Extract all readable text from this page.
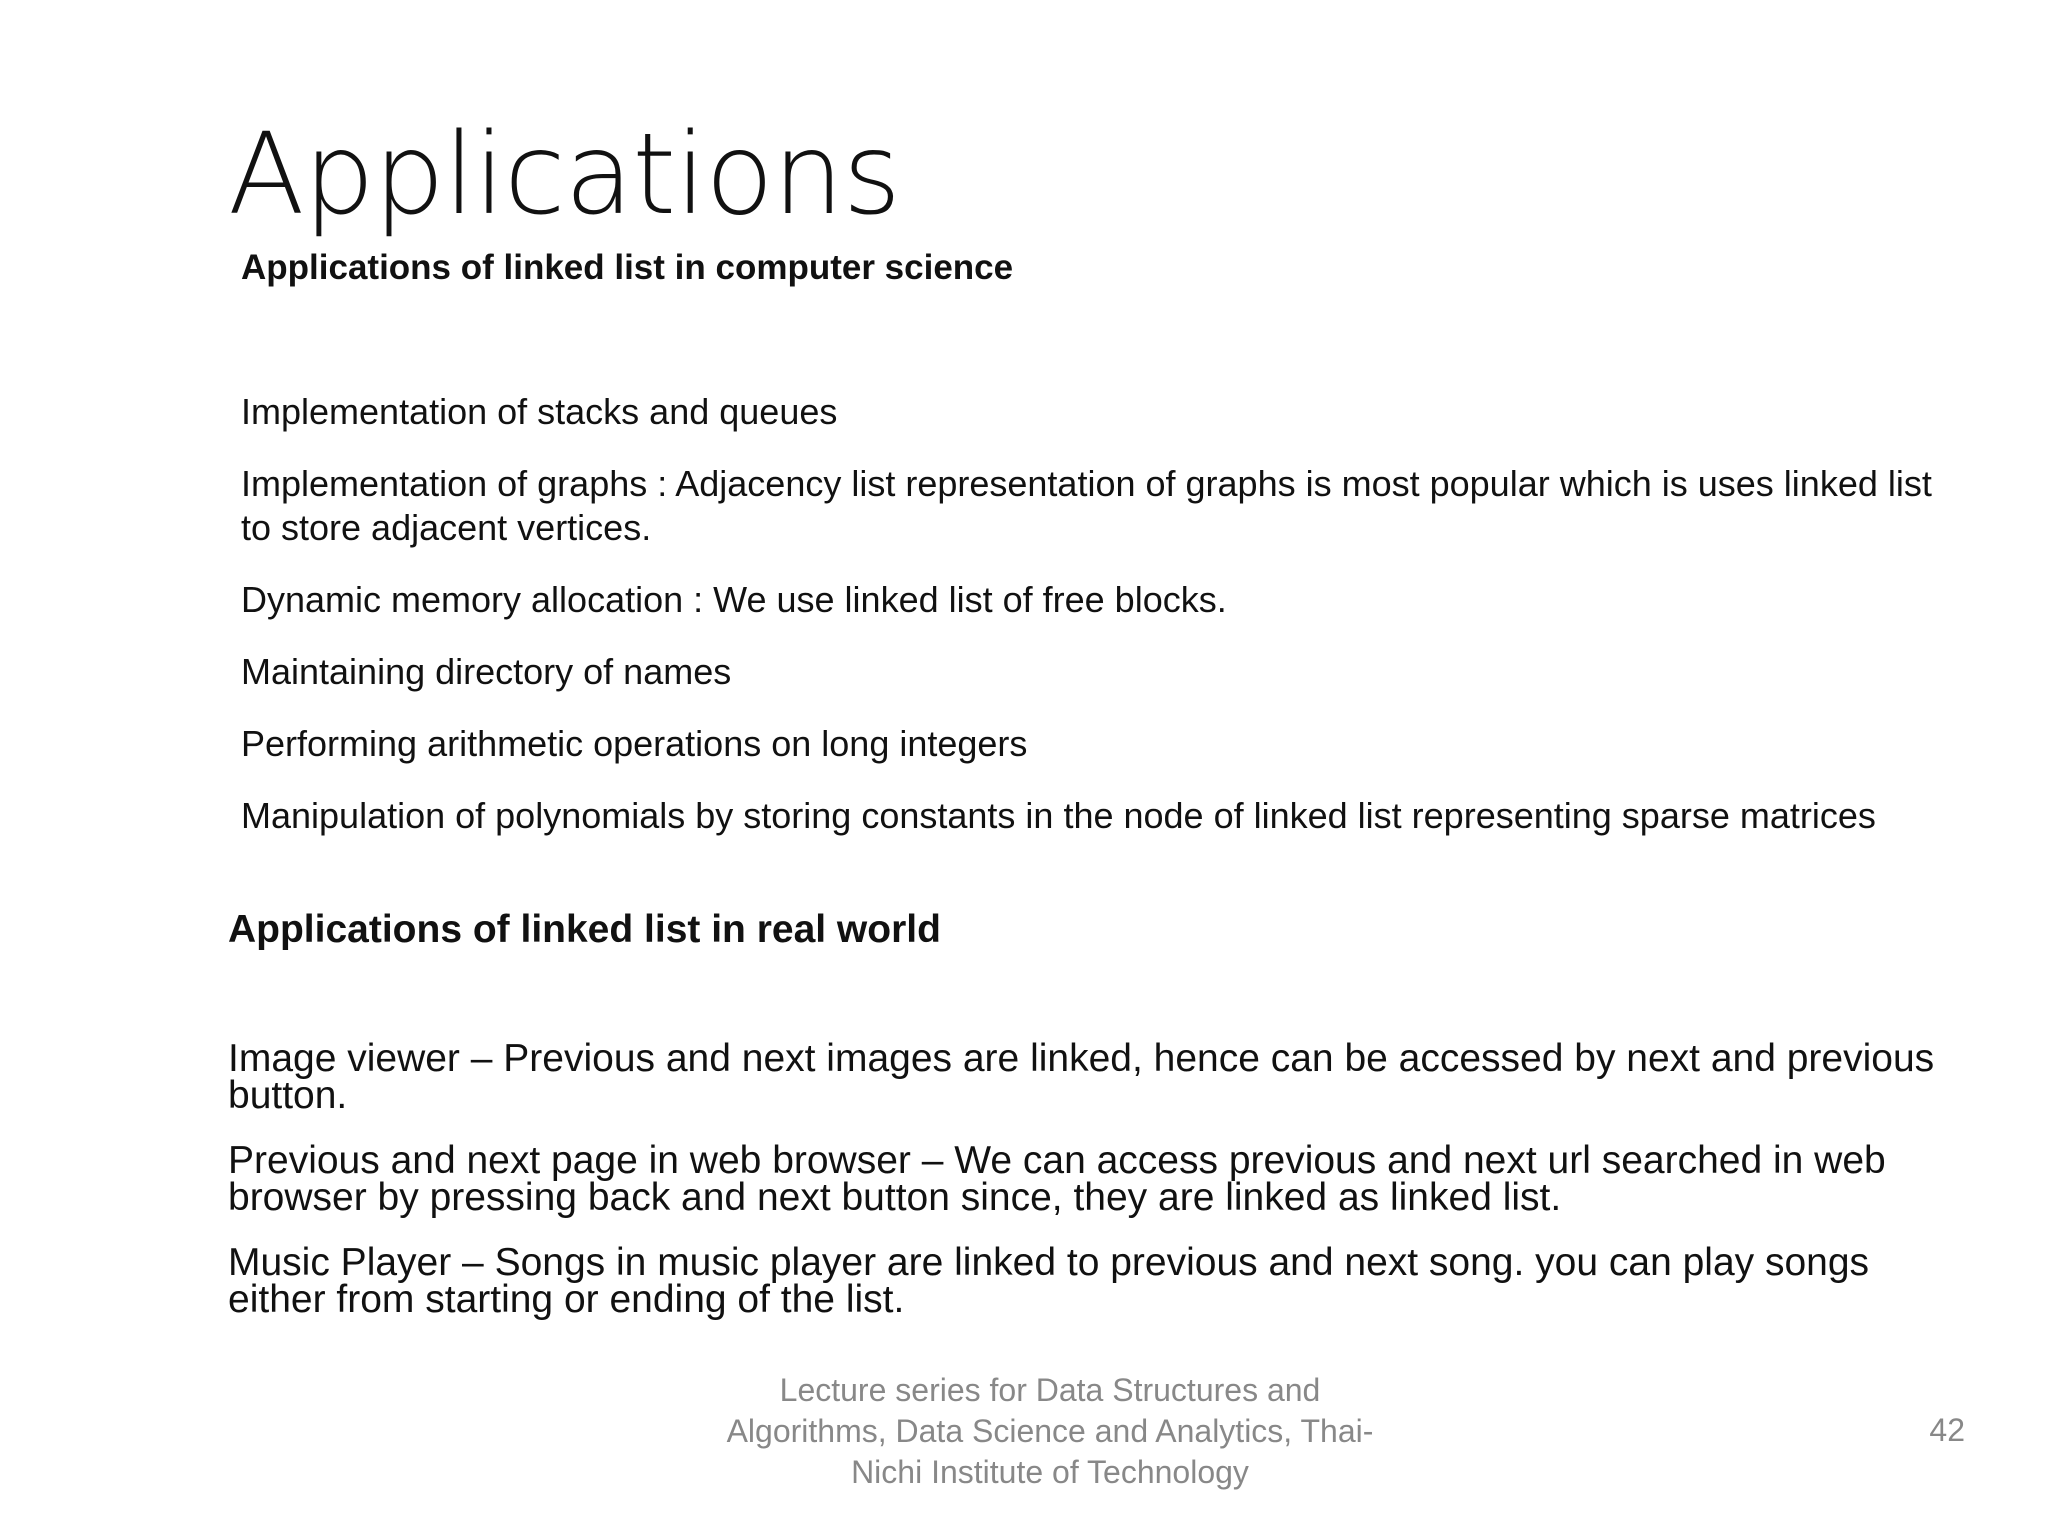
Applications
Applications of linked list in computer science
Implementation of stacks and queues
Implementation of graphs : Adjacency list representation of graphs is most popular which is uses linked list to store adjacent vertices.
Dynamic memory allocation : We use linked list of free blocks.
Maintaining directory of names
Performing arithmetic operations on long integers
Manipulation of polynomials by storing constants in the node of linked list representing sparse matrices
Applications of linked list in real world
Image viewer – Previous and next images are linked, hence can be accessed by next and previous button.
Previous and next page in web browser – We can access previous and next url searched in web browser by pressing back and next button since, they are linked as linked list.
Music Player – Songs in music player are linked to previous and next song. you can play songs either from starting or ending of the list.
Lecture series for Data Structures and
Algorithms, Data Science and Analytics, Thai-
Nichi Institute of Technology
42
